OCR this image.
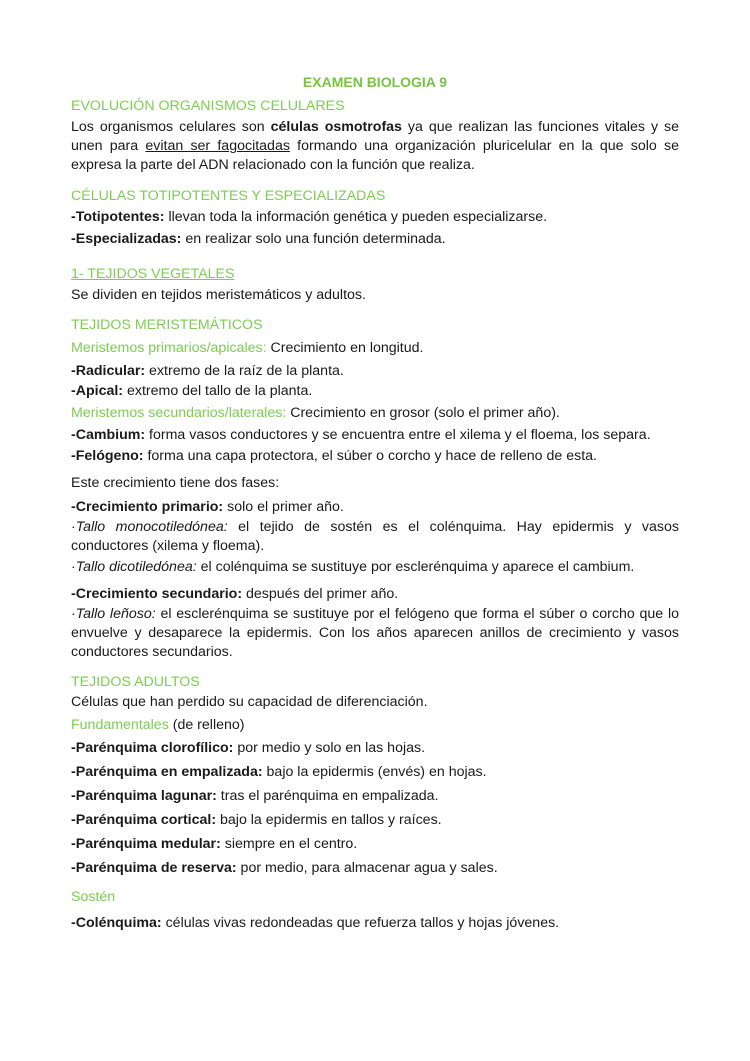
EXAMEN BIOLOGIA 9
EVOLUCIÓN ORGANISMOS CELULARES

Los organismos celulares son células osmotrofas ya que realizan las funciones vitales y se unen para evitan ser fagocitadas formando una organización pluricelular en la que solo se expresa la parte del ADN relacionado con la función que realiza.

CÉLULAS TOTIPOTENTES Y ESPECIALIZADAS

-Totipotentes: llevan toda la información genética y pueden especializarse.

-Especializadas: en realizar solo una función determinada.

1- TEJIDOS VEGETALES

Se dividen en tejidos meristemáticos y adultos.

TEJIDOS MERISTEMÁTICOS

Meristemos primarios/apicales: Crecimiento en longitud.

-Radicular: extremo de la raíz de la planta.

-Apical: extremo del tallo de la planta.

Meristemos secundarios/laterales: Crecimiento en grosor (solo el primer año).

-Cambium: forma vasos conductores y se encuentra entre el xilema y el floema, los separa.

-Felógeno: forma una capa protectora, el súber o corcho y hace de relleno de esta.

Este crecimiento tiene dos fases:

-Crecimiento primario: solo el primer año.

·Tallo monocotiledónea: el tejido de sostén es el colénquima. Hay epidermis y vasos conductores (xilema y floema).

·Tallo dicotiledónea: el colénquima se sustituye por esclerénquima y aparece el cambium.

-Crecimiento secundario: después del primer año.

·Tallo leñoso: el esclerénquima se sustituye por el felógeno que forma el súber o corcho que lo envuelve y desaparece la epidermis. Con los años aparecen anillos de crecimiento y vasos conductores secundarios.

TEJIDOS ADULTOS

Células que han perdido su capacidad de diferenciación.

Fundamentales (de relleno)

-Parénquima clorofílico: por medio y solo en las hojas.

-Parénquima en empalizada: bajo la epidermis (envés) en hojas.

-Parénquima lagunar: tras el parénquima en empalizada.

-Parénquima cortical: bajo la epidermis en tallos y raíces.

-Parénquima medular: siempre en el centro.

-Parénquima de reserva: por medio, para almacenar agua y sales.

Sostén

-Colénquima: células vivas redondeadas que refuerza tallos y hojas jóvenes.
